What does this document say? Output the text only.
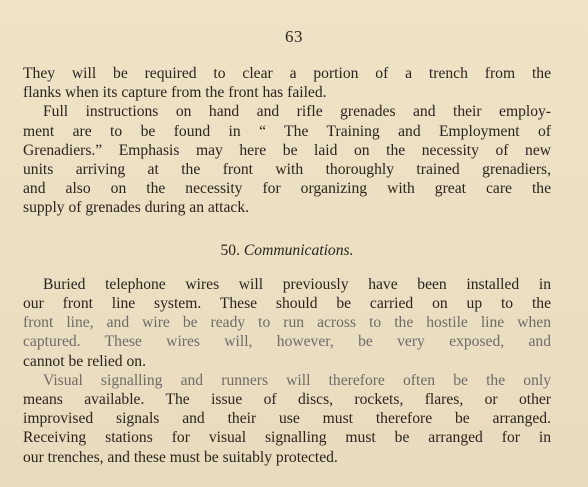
63
They will be required to clear a portion of a trench from the
flanks when its capture from the front has failed.
Full instructions on hand and rifle grenades and their employ-
ment are to be found in “ The Training and Employment of
Grenadiers.” Emphasis may here be laid on the necessity of new
units arriving at the front with thoroughly trained grenadiers,
and also on the necessity for organizing with great care the
supply of grenades during an attack.
50. Communications.
Buried telephone wires will previously have been installed in
our front line system. These should be carried on up to the
front line, and wire be ready to run across to the hostile line when
captured. These wires will, however, be very exposed, and
cannot be relied on.
Visual signalling and runners will therefore often be the only
means available. The issue of discs, rockets, flares, or other
improvised signals and their use must therefore be arranged.
Receiving stations for visual signalling must be arranged for in
our trenches, and these must be suitably protected.
